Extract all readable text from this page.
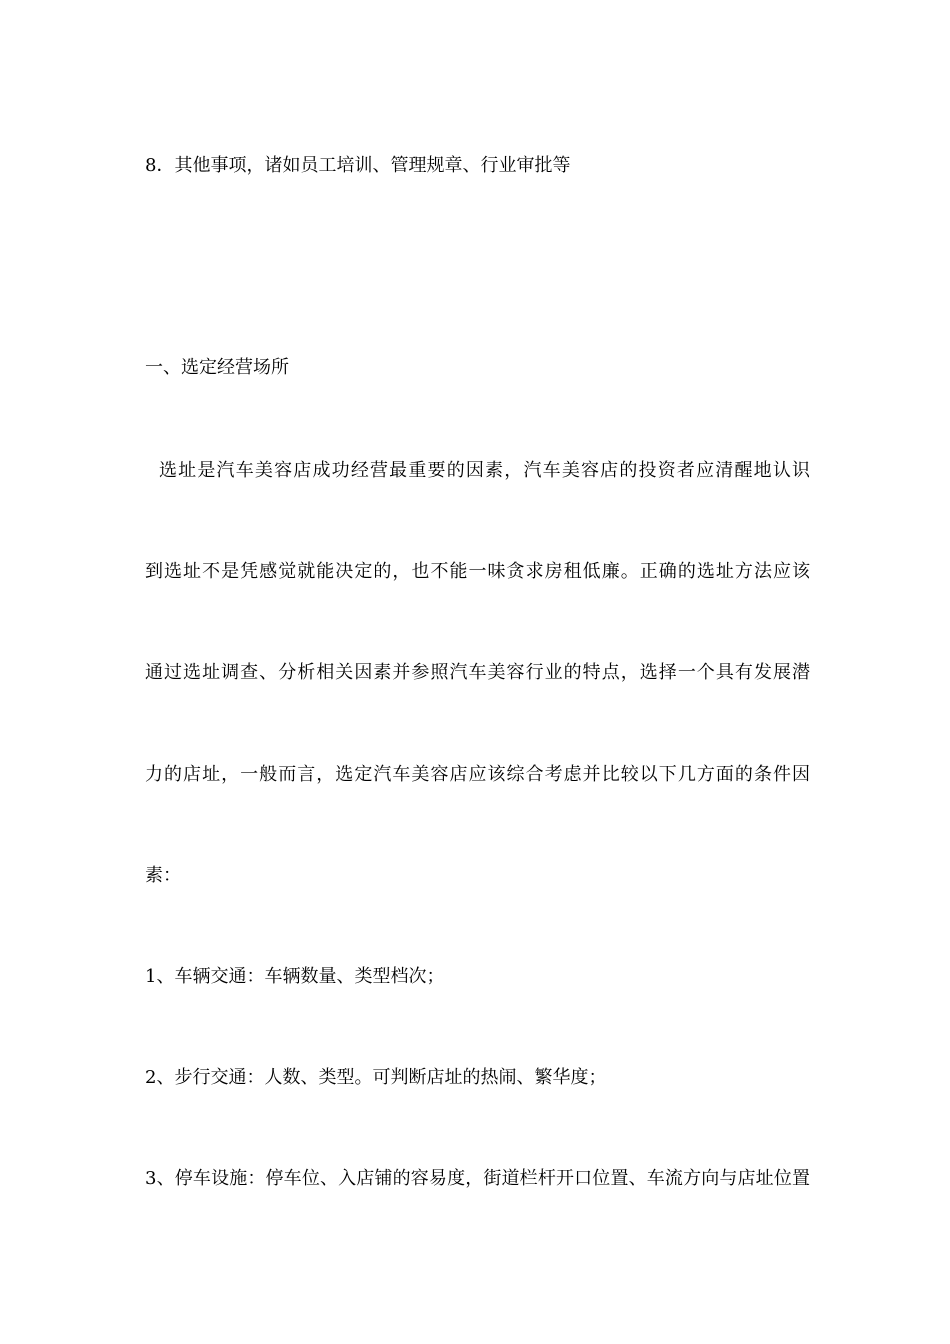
8．其他事项，诸如员工培训、管理规章、行业审批等

一、选定经营场所

选址是汽车美容店成功经营最重要的因素，汽车美容店的投资者应清醒地认识

到选址不是凭感觉就能决定的，也不能一味贪求房租低廉。正确的选址方法应该

通过选址调查、分析相关因素并参照汽车美容行业的特点，选择一个具有发展潜

力的店址，一般而言，选定汽车美容店应该综合考虑并比较以下几方面的条件因

素：

1、车辆交通：车辆数量、类型档次；

2、步行交通：人数、类型。可判断店址的热闹、繁华度；

3、停车设施：停车位、入店铺的容易度，街道栏杆开口位置、车流方向与店址位置
